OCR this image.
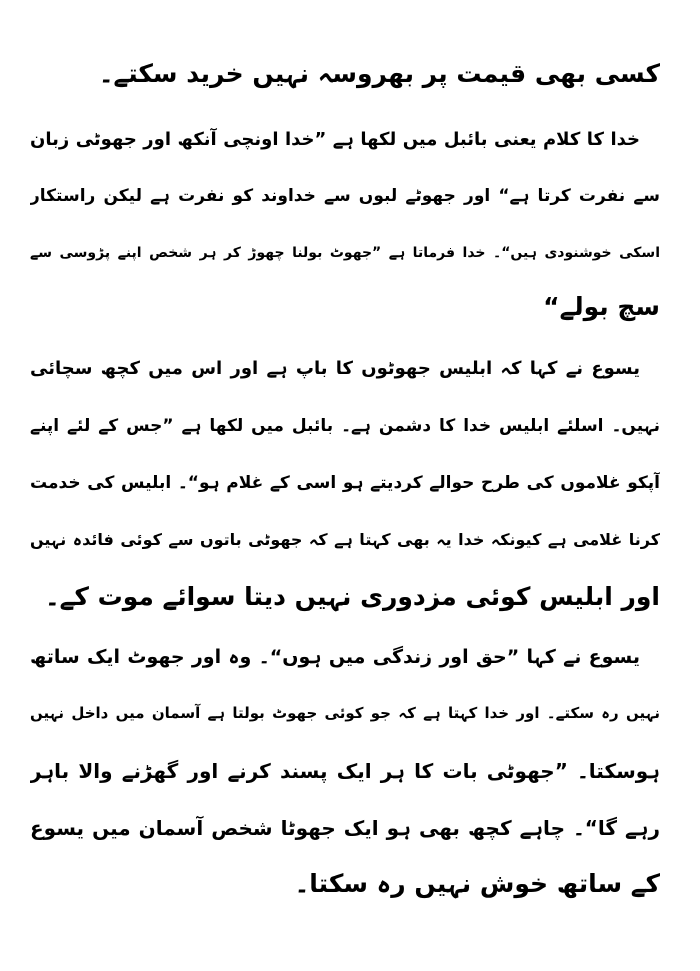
کسی بھی قیمت پر بھروسہ نہیں خرید سکتے۔
خدا کا کلام یعنی بائبل میں لکھا ہے ”خدا اونچی آنکھ اور جھوٹی زبان
سے نفرت کرتا ہے“ اور جھوٹے لبوں سے خداوند کو نفرت ہے لیکن راستکار
اسکی خوشنودی ہیں“۔ خدا فرماتا ہے ”جھوٹ بولنا چھوڑ کر ہر شخص اپنے پڑوسی سے
سچ بولے“
یسوع نے کہا کہ ابلیس جھوٹوں کا باپ ہے اور اس میں کچھ سچائی
نہیں۔ اسلئے ابلیس خدا کا دشمن ہے۔ بائبل میں لکھا ہے ”جس کے لئے اپنے
آپکو غلاموں کی طرح حوالے کردیتے ہو اسی کے غلام ہو“۔ ابلیس کی خدمت
کرنا غلامی ہے کیونکہ خدا یہ بھی کہتا ہے کہ جھوٹی باتوں سے کوئی فائدہ نہیں
اور ابلیس کوئی مزدوری نہیں دیتا سوائے موت کے۔
یسوع نے کہا ”حق اور زندگی میں ہوں“۔ وہ اور جھوٹ ایک ساتھ
نہیں رہ سکتے۔ اور خدا کہتا ہے کہ جو کوئی جھوٹ بولتا ہے آسمان میں داخل نہیں
ہوسکتا۔ ”جھوٹی بات کا ہر ایک پسند کرنے اور گھڑنے والا باہر
رہے گا“۔ چاہے کچھ بھی ہو ایک جھوٹا شخص آسمان میں یسوع
کے ساتھ خوش نہیں رہ سکتا۔
